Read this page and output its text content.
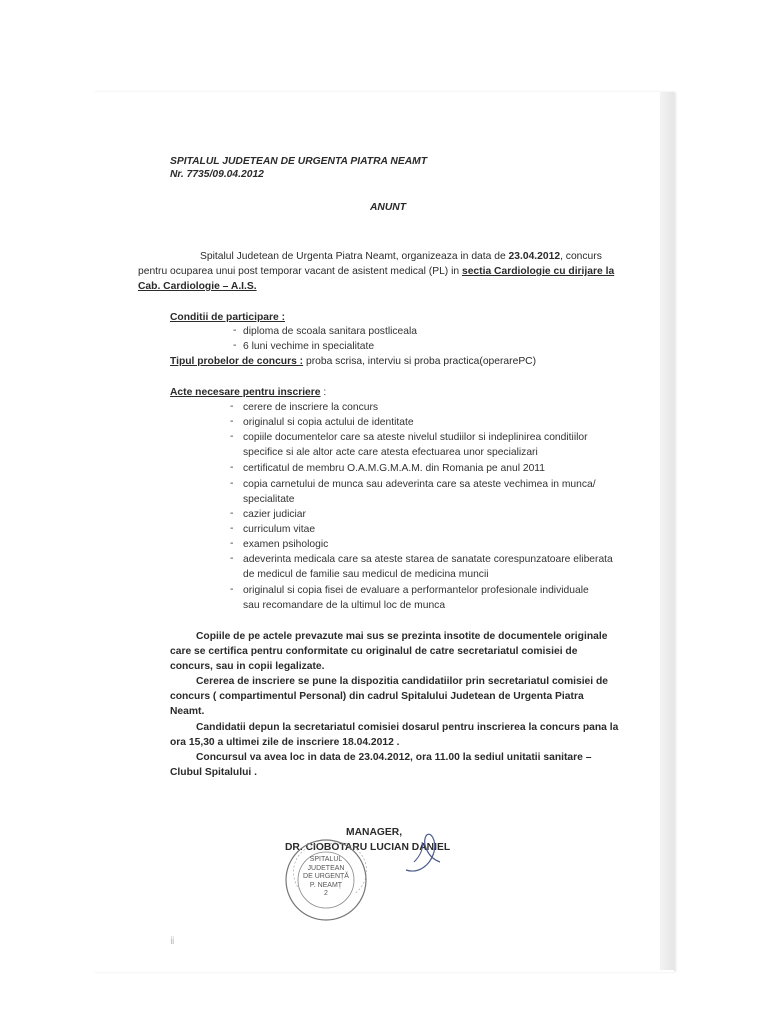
SPITALUL JUDETEAN DE URGENTA PIATRA NEAMT
Nr. 7735/09.04.2012
ANUNT
Spitalul Judetean de Urgenta Piatra Neamt, organizeaza in data de 23.04.2012, concurs
pentru ocuparea unui post temporar vacant de asistent medical (PL) in sectia Cardiologie cu dirijare la
Cab. Cardiologie – A.I.S.
Conditii de participare :
- diploma de scoala sanitara postliceala
- 6 luni vechime in specialitate
Tipul probelor de concurs : proba scrisa, interviu si proba practica(operarePC)
Acte necesare pentru inscriere :
- cerere de inscriere la concurs
- originalul si copia actului de identitate
- copiile documentelor care sa ateste nivelul studiilor si indeplinirea conditiilor
specifice si ale altor acte care atesta efectuarea unor specializari
- certificatul de membru O.A.M.G.M.A.M. din Romania pe anul 2011
- copia carnetului de munca sau adeverinta care sa ateste vechimea in munca/
specialitate
- cazier judiciar
- curriculum vitae
- examen psihologic
- adeverinta medicala care sa ateste starea de sanatate corespunzatoare eliberata
de medicul de familie sau medicul de medicina muncii
- originalul si copia fisei de evaluare a performantelor profesionale individuale
sau recomandare de la ultimul loc de munca
Copiile de pe actele prevazute mai sus se prezinta insotite de documentele originale
care se certifica pentru conformitate cu originalul de catre secretariatul comisiei de
concurs, sau in copii legalizate.
Cererea de inscriere se pune la dispozitia candidatiilor prin secretariatul comisiei de
concurs ( compartimentul Personal) din cadrul Spitalului Judetean de Urgenta Piatra
Neamt.
Candidatii depun la secretariatul comisiei dosarul pentru inscrierea la concurs pana la
ora 15,30 a ultimei zile de inscriere 18.04.2012 .
Concursul va avea loc in data de 23.04.2012, ora 11.00 la sediul unitatii sanitare –
Clubul Spitalului .
MANAGER,
DR. CIOBOTARU LUCIAN DANIEL
SPITALUL
JUDETEAN
DE URGENȚĂ
P. NEAMȚ
2
ⅱ
